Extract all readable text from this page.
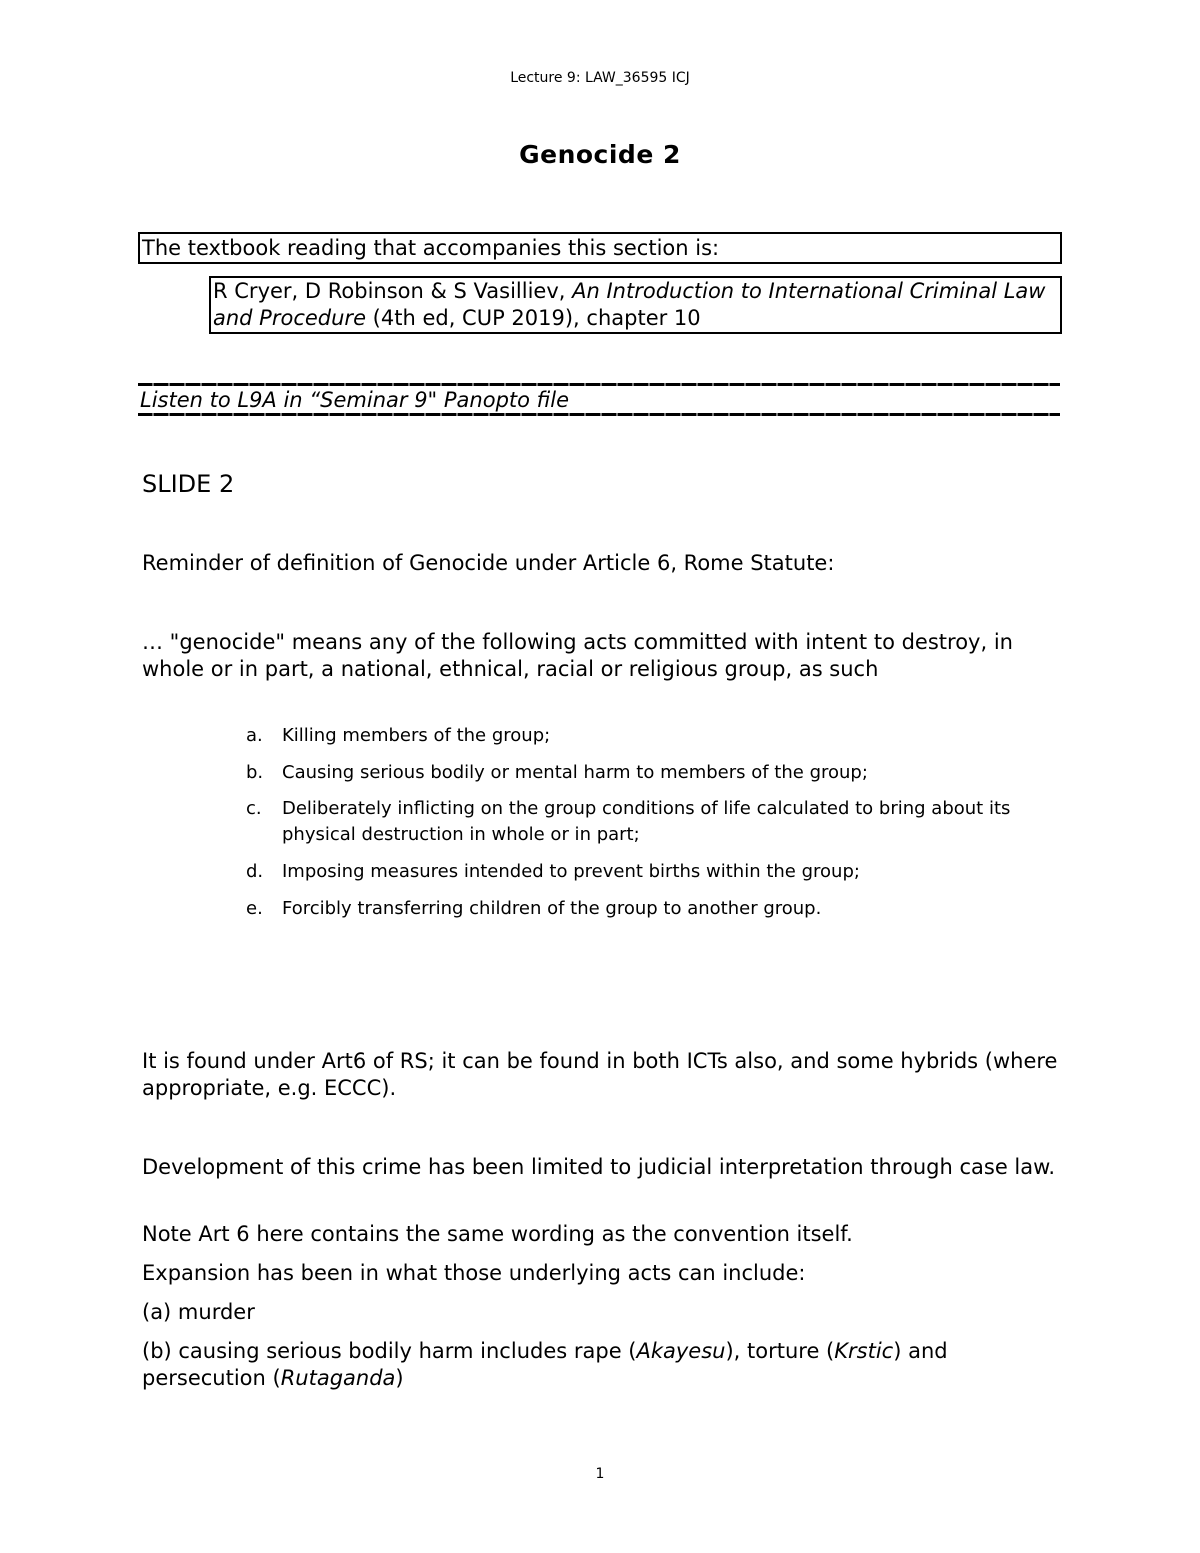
Lecture 9: LAW_36595 ICJ
Genocide 2
The textbook reading that accompanies this section is:
R Cryer, D Robinson & S Vasilliev, An Introduction to International Criminal Law and Procedure (4th ed, CUP 2019), chapter 10
Listen to L9A in “Seminar 9" Panopto file
SLIDE 2
Reminder of definition of Genocide under Article 6, Rome Statute:
… "genocide" means any of the following acts committed with intent to destroy, in whole or in part, a national, ethnical, racial or religious group, as such
a.	Killing members of the group;
b.	Causing serious bodily or mental harm to members of the group;
c.	Deliberately inflicting on the group conditions of life calculated to bring about its physical destruction in whole or in part;
d.	Imposing measures intended to prevent births within the group;
e.	Forcibly transferring children of the group to another group.
It is found under Art6 of RS; it can be found in both ICTs also, and some hybrids (where appropriate, e.g. ECCC).
Development of this crime has been limited to judicial interpretation through case law.
Note Art 6 here contains the same wording as the convention itself.
Expansion has been in what those underlying acts can include:
(a) murder
(b) causing serious bodily harm includes rape (Akayesu), torture (Krstic) and persecution (Rutaganda)
1
